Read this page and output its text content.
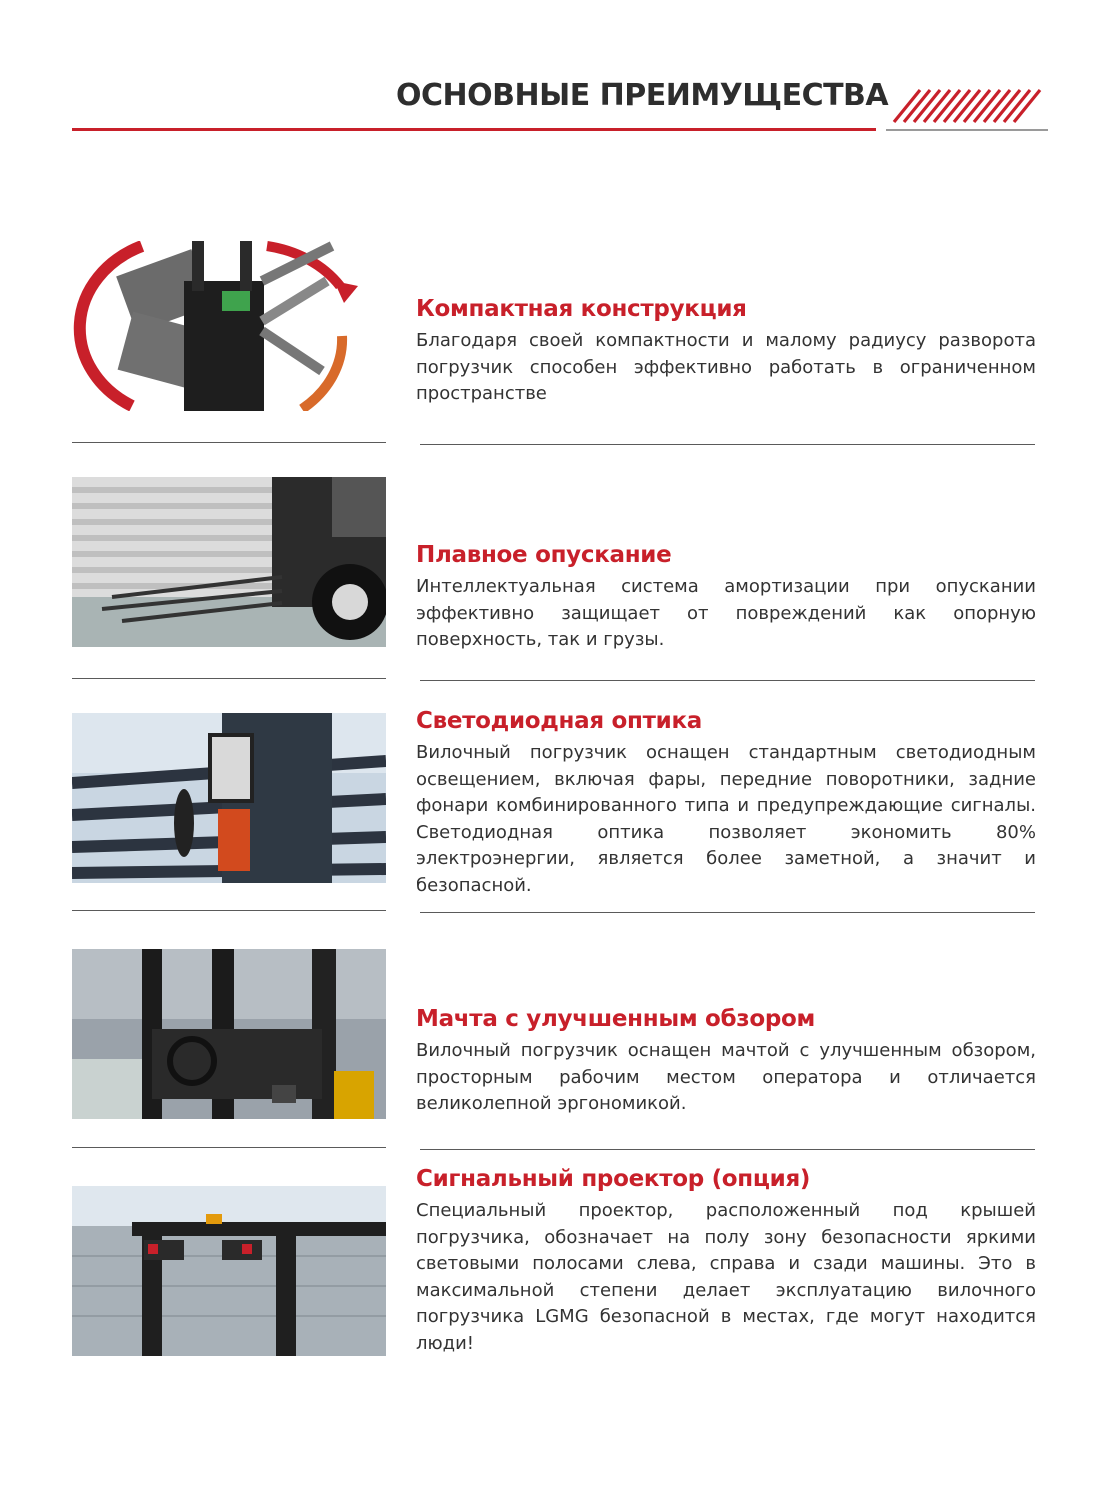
ОСНОВНЫЕ ПРЕИМУЩЕСТВА
Компактная конструкция
Благодаря своей компактности и малому радиусу разворота погрузчик способен эффективно работать в ограниченном пространстве
Плавное опускание
Интеллектуальная система амортизации при опускании эффективно защищает от повреждений как опорную поверхность, так и грузы.
Светодиодная оптика
Вилочный погрузчик оснащен стандартным светодиодным освещением, включая фары, передние поворотники, задние фонари комбинированного типа и предупреждающие сигналы. Светодиодная оптика позволяет экономить 80% электроэнергии, является более заметной, а значит и безопасной.
Мачта с улучшенным обзором
Вилочный погрузчик оснащен мачтой с улучшенным обзором, просторным рабочим местом оператора и отличается великолепной эргономикой.
Сигнальный проектор (опция)
Специальный проектор, расположенный под крышей погрузчика, обозначает на полу зону безопасности яркими световыми полосами слева, справа и сзади машины. Это в максимальной степени делает эксплуатацию вилочного погрузчика LGMG безопасной в местах, где могут находится люди!
